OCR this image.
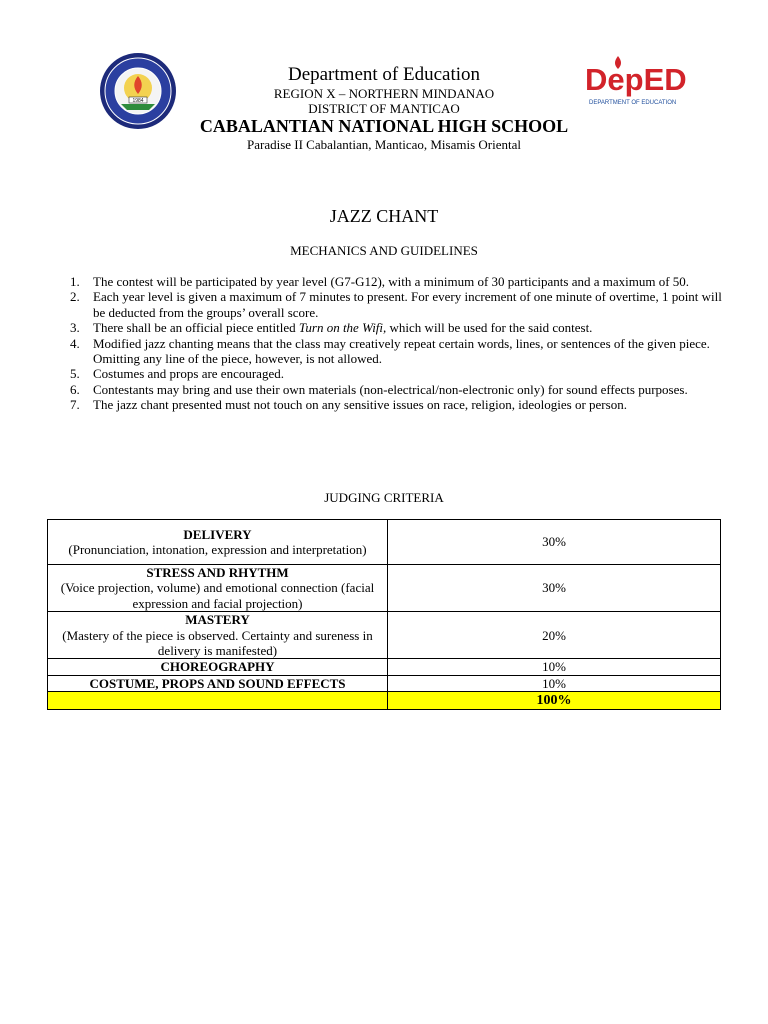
1984
DepED
DEPARTMENT OF EDUCATION
Department of Education
REGION X – NORTHERN MINDANAO
DISTRICT OF MANTICAO
CABALANTIAN NATIONAL HIGH SCHOOL
Paradise II Cabalantian, Manticao, Misamis Oriental
JAZZ CHANT
MECHANICS AND GUIDELINES
1. The contest will be participated by year level (G7-G12), with a minimum of 30 participants and a maximum of 50.
2. Each year level is given a maximum of 7 minutes to present. For every increment of one minute of overtime, 1 point will be deducted from the groups’ overall score.
3. There shall be an official piece entitled Turn on the Wifi, which will be used for the said contest.
4. Modified jazz chanting means that the class may creatively repeat certain words, lines, or sentences of the given piece. Omitting any line of the piece, however, is not allowed.
5. Costumes and props are encouraged.
6. Contestants may bring and use their own materials (non-electrical/non-electronic only) for sound effects purposes.
7. The jazz chant presented must not touch on any sensitive issues on race, religion, ideologies or person.
JUDGING CRITERIA
DELIVERY
(Pronunciation, intonation, expression and interpretation)	30%

STRESS AND RHYTHM
(Voice projection, volume) and emotional connection (facial expression and facial projection)	30%

MASTERY
(Mastery of the piece is observed. Certainty and sureness in delivery is manifested)	20%

CHOREOGRAPHY	10%

COSTUME, PROPS AND SOUND EFFECTS	10%
	100%
